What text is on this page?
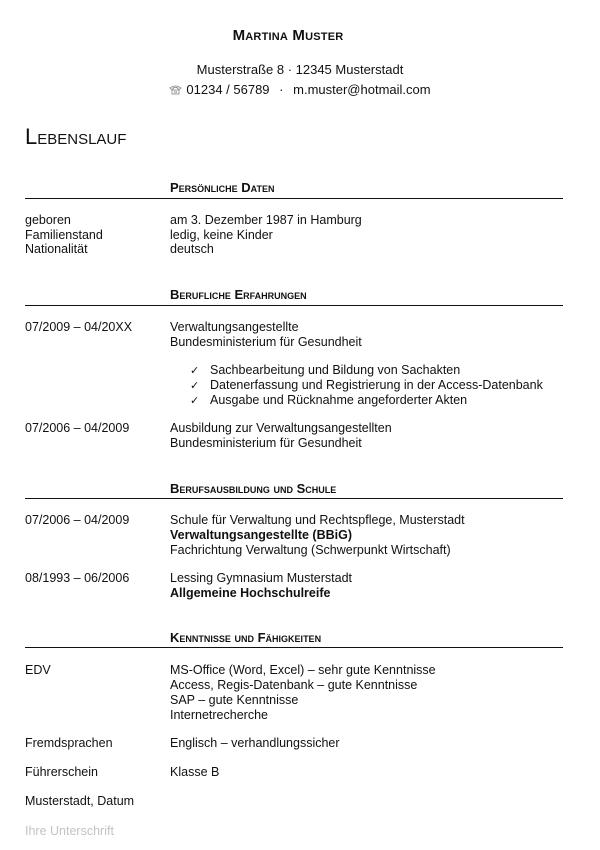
Martina Muster
Musterstraße 8 · 12345 Musterstadt
01234 / 56789 · m.muster@hotmail.com
Lebenslauf
Persönliche Daten
geboren	am 3. Dezember 1987 in Hamburg
Familienstand	ledig, keine Kinder
Nationalität	deutsch
Berufliche Erfahrungen
07/2009 – 04/20XX	Verwaltungsangestellte
Bundesministerium für Gesundheit
✓ Sachbearbeitung und Bildung von Sachakten
✓ Datenerfassung und Registrierung in der Access-Datenbank
✓ Ausgabe und Rücknahme angeforderter Akten
07/2006 – 04/2009	Ausbildung zur Verwaltungsangestellten
Bundesministerium für Gesundheit
Berufsausbildung und Schule
07/2006 – 04/2009	Schule für Verwaltung und Rechtspflege, Musterstadt
Verwaltungsangestellte (BBiG)
Fachrichtung Verwaltung (Schwerpunkt Wirtschaft)
08/1993 – 06/2006	Lessing Gymnasium Musterstadt
Allgemeine Hochschulreife
Kenntnisse und Fähigkeiten
EDV	MS-Office (Word, Excel) – sehr gute Kenntnisse
Access, Regis-Datenbank – gute Kenntnisse
SAP – gute Kenntnisse
Internetrecherche
Fremdsprachen	Englisch – verhandlungssicher
Führerschein	Klasse B
Musterstadt, Datum
Ihre Unterschrift
